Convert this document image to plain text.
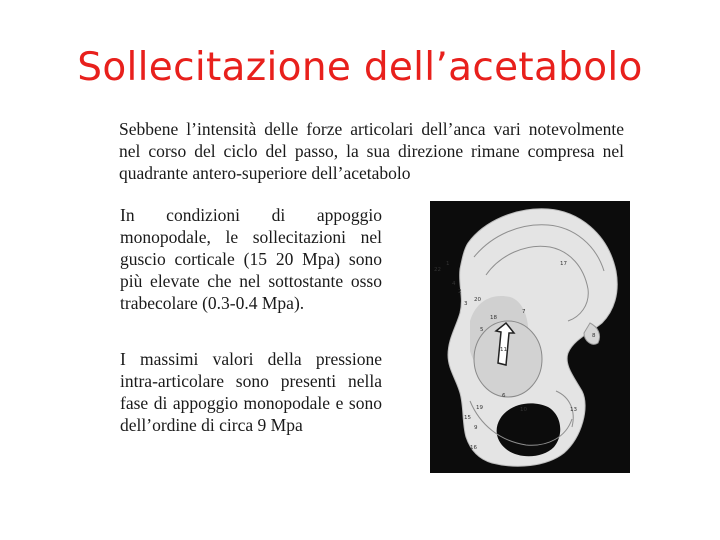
Sollecitazione dell’acetabolo
Sebbene l’intensità delle forze articolari dell’anca vari notevolmente nel corso del ciclo del passo, la sua direzione rimane compresa nel quadrante antero-superiore dell’acetabolo
In condizioni di appoggio monopodale, le sollecitazioni nel guscio corticale (15 20 Mpa) sono più elevate che nel sottostante osso trabecolare (0.3-0.4 Mpa).
I massimi valori della pressione intra-articolare sono presenti nella fase di appoggio monopodale e sono dell’ordine di circa 9 Mpa
22
1
2
3
4
5
6
7
8
9
10
11
13
15
16
17
18
19
20
